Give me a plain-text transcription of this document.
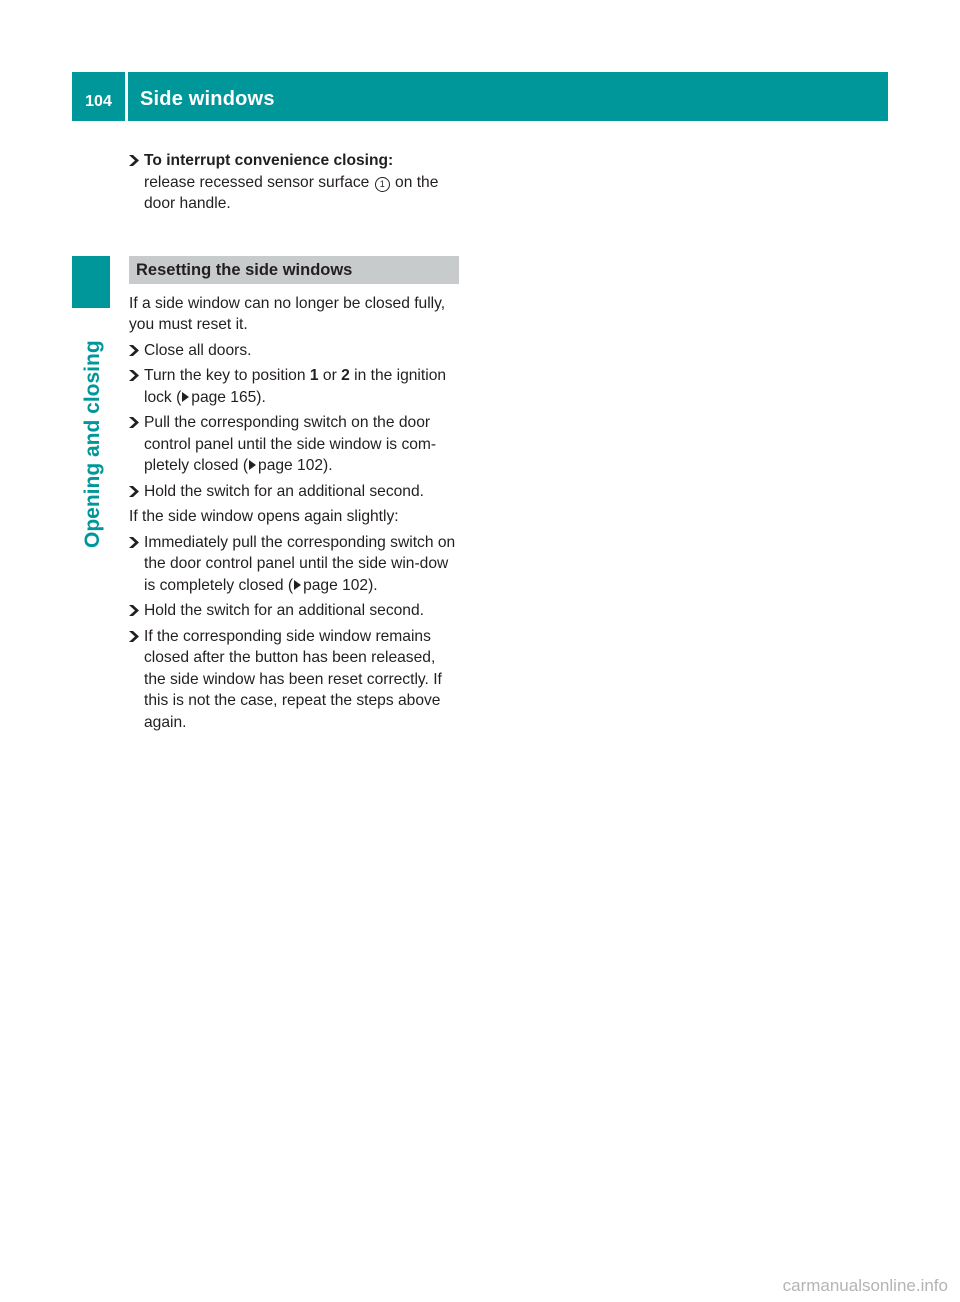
104	Side windows
Opening and closing
To interrupt convenience closing:
release recessed sensor surface 1 on the door handle.
Resetting the side windows

If a side window can no longer be closed fully, you must reset it.

Close all doors.
Turn the key to position 1 or 2 in the ignition lock ( page 165).
Pull the corresponding switch on the door control panel until the side window is com-pletely closed ( page 102).
Hold the switch for an additional second.

If the side window opens again slightly:

Immediately pull the corresponding switch on the door control panel until the side win-dow is completely closed ( page 102).
Hold the switch for an additional second.
If the corresponding side window remains closed after the button has been released, the side window has been reset correctly. If this is not the case, repeat the steps above again.
carmanualsonline.info
